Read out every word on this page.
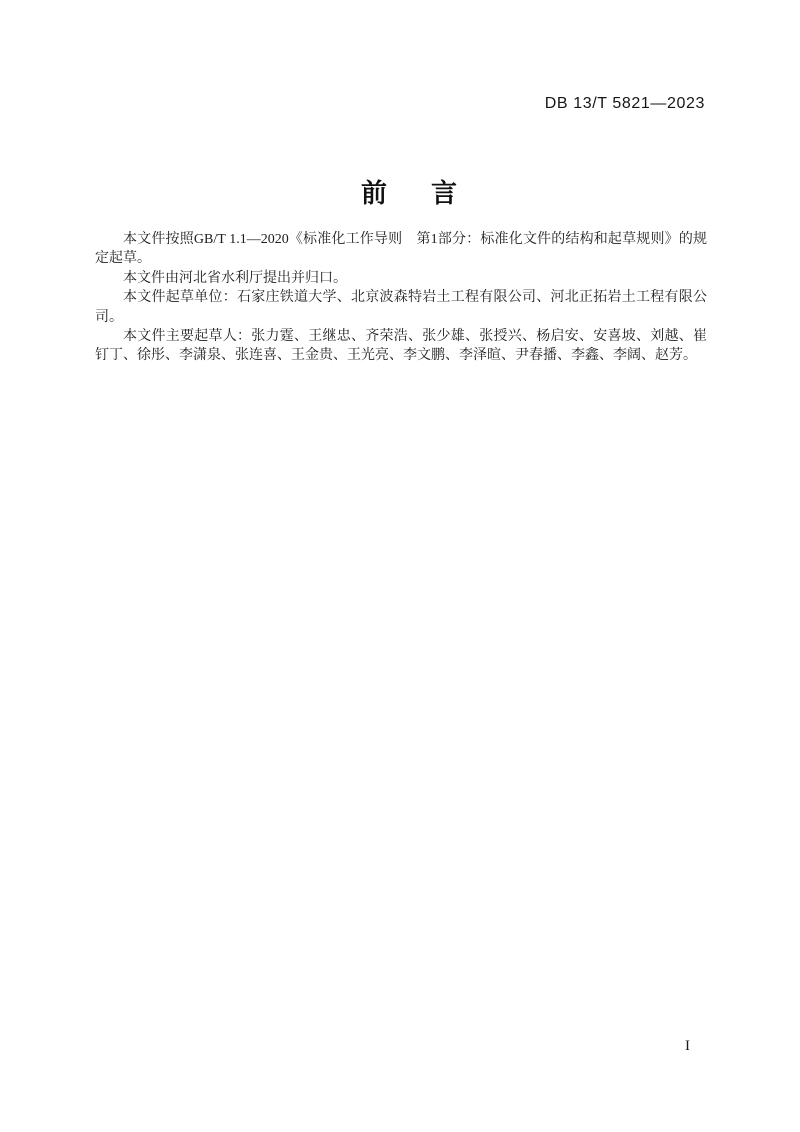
DB 13/T 5821—2023
前 言

本文件按照GB/T 1.1—2020《标准化工作导则　第1部分：标准化文件的结构和起草规则》的规定起草。

本文件由河北省水利厅提出并归口。

本文件起草单位：石家庄铁道大学、北京波森特岩土工程有限公司、河北正拓岩土工程有限公司。

本文件主要起草人：张力霆、王继忠、齐荣浩、张少雄、张授兴、杨启安、安喜坡、刘越、崔钉丁、徐彤、李潇泉、张连喜、王金贵、王光亮、李文鹏、李泽暄、尹春播、李鑫、李阔、赵芳。

I
